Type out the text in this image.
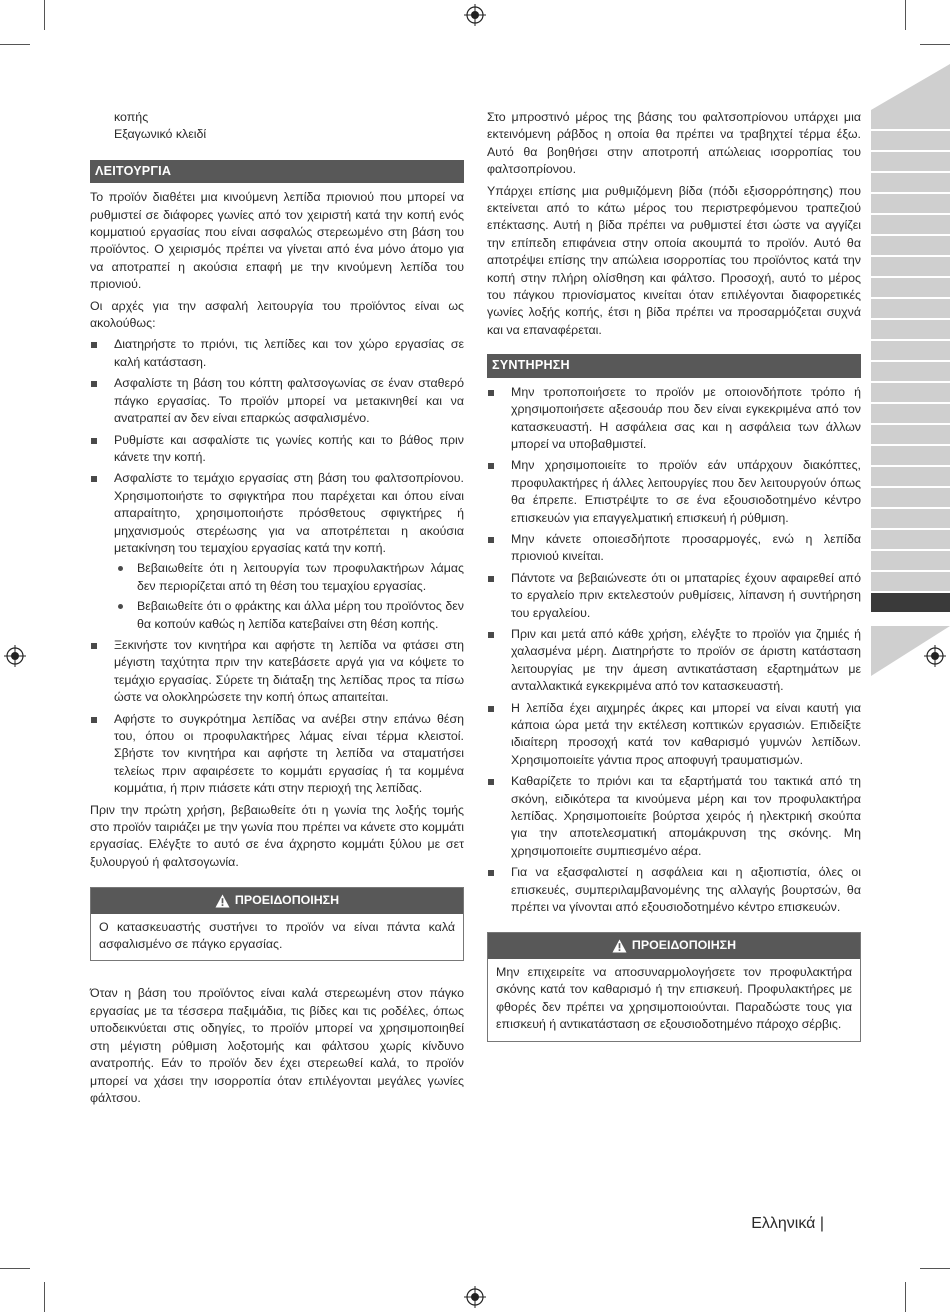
κοπής

Εξαγωνικό κλειδί

ΛΕΙΤΟΥΡΓΙΑ

Το προϊόν διαθέτει μια κινούμενη λεπίδα πριονιού που μπορεί να ρυθμιστεί σε διάφορες γωνίες από τον χειριστή κατά την κοπή ενός κομματιού εργασίας που είναι ασφαλώς στερεωμένο στη βάση του προϊόντος. Ο χειρισμός πρέπει να γίνεται από ένα μόνο άτομο για να αποτραπεί η ακούσια επαφή με την κινούμενη λεπίδα του πριονιού.

Οι αρχές για την ασφαλή λειτουργία του προϊόντος είναι ως ακολούθως:

Διατηρήστε το πριόνι, τις λεπίδες και τον χώρο εργασίας σε καλή κατάσταση.
Ασφαλίστε τη βάση του κόπτη φαλτσογωνίας σε έναν σταθερό πάγκο εργασίας. Το προϊόν μπορεί να μετακινηθεί και να ανατραπεί αν δεν είναι επαρκώς ασφαλισμένο.
Ρυθμίστε και ασφαλίστε τις γωνίες κοπής και το βάθος πριν κάνετε την κοπή.
Ασφαλίστε το τεμάχιο εργασίας στη βάση του φαλτσοπρίονου. Χρησιμοποιήστε το σφιγκτήρα που παρέχεται και όπου είναι απαραίτητο, χρησιμοποιήστε πρόσθετους σφιγκτήρες ή μηχανισμούς στερέωσης για να αποτρέπεται η ακούσια μετακίνηση του τεμαχίου εργασίας κατά την κοπή.
Βεβαιωθείτε ότι η λειτουργία των προφυλακτήρων λάμας δεν περιορίζεται από τη θέση του τεμαχίου εργασίας.
Βεβαιωθείτε ότι ο φράκτης και άλλα μέρη του προϊόντος δεν θα κοπούν καθώς η λεπίδα κατεβαίνει στη θέση κοπής.
Ξεκινήστε τον κινητήρα και αφήστε τη λεπίδα να φτάσει στη μέγιστη ταχύτητα πριν την κατεβάσετε αργά για να κόψετε το τεμάχιο εργασίας. Σύρετε τη διάταξη της λεπίδας προς τα πίσω ώστε να ολοκληρώσετε την κοπή όπως απαιτείται.
Αφήστε το συγκρότημα λεπίδας να ανέβει στην επάνω θέση του, όπου οι προφυλακτήρες λάμας είναι τέρμα κλειστοί. Σβήστε τον κινητήρα και αφήστε τη λεπίδα να σταματήσει τελείως πριν αφαιρέσετε το κομμάτι εργασίας ή τα κομμένα κομμάτια, ή πριν πιάσετε κάτι στην περιοχή της λεπίδας.

Πριν την πρώτη χρήση, βεβαιωθείτε ότι η γωνία της λοξής τομής στο προϊόν ταιριάζει με την γωνία που πρέπει να κάνετε στο κομμάτι εργασίας. Ελέγξτε το αυτό σε ένα άχρηστο κομμάτι ξύλου με σετ ξυλουργού ή φαλτσογωνία.

ΠΡΟΕΙΔΟΠΟΙΗΣΗ
Ο κατασκευαστής συστήνει το προϊόν να είναι πάντα καλά ασφαλισμένο σε πάγκο εργασίας.

Όταν η βάση του προϊόντος είναι καλά στερεωμένη στον πάγκο εργασίας με τα τέσσερα παξιμάδια, τις βίδες και τις ροδέλες, όπως υποδεικνύεται στις οδηγίες, το προϊόν μπορεί να χρησιμοποιηθεί στη μέγιστη ρύθμιση λοξοτομής και φάλτσου χωρίς κίνδυνο ανατροπής. Εάν το προϊόν δεν έχει στερεωθεί καλά, το προϊόν μπορεί να χάσει την ισορροπία όταν επιλέγονται μεγάλες γωνίες φάλτσου.

Στο μπροστινό μέρος της βάσης του φαλτσοπρίονου υπάρχει μια εκτεινόμενη ράβδος η οποία θα πρέπει να τραβηχτεί τέρμα έξω. Αυτό θα βοηθήσει στην αποτροπή απώλειας ισορροπίας του φαλτσοπρίονου.

Υπάρχει επίσης μια ρυθμιζόμενη βίδα (πόδι εξισορρόπησης) που εκτείνεται από το κάτω μέρος του περιστρεφόμενου τραπεζιού επέκτασης. Αυτή η βίδα πρέπει να ρυθμιστεί έτσι ώστε να αγγίζει την επίπεδη επιφάνεια στην οποία ακουμπά το προϊόν. Αυτό θα αποτρέψει επίσης την απώλεια ισορροπίας του προϊόντος κατά την κοπή στην πλήρη ολίσθηση και φάλτσο. Προσοχή, αυτό το μέρος του πάγκου πριονίσματος κινείται όταν επιλέγονται διαφορετικές γωνίες λοξής κοπής, έτσι η βίδα πρέπει να προσαρμόζεται συχνά και να επαναφέρεται.

ΣΥΝΤΗΡΗΣΗ
Μην τροποποιήσετε το προϊόν με οποιονδήποτε τρόπο ή χρησιμοποιήσετε αξεσουάρ που δεν είναι εγκεκριμένα από τον κατασκευαστή. Η ασφάλεια σας και η ασφάλεια των άλλων μπορεί να υποβαθμιστεί.
Μην χρησιμοποιείτε το προϊόν εάν υπάρχουν διακόπτες, προφυλακτήρες ή άλλες λειτουργίες που δεν λειτουργούν όπως θα έπρεπε. Επιστρέψτε το σε ένα εξουσιοδοτημένο κέντρο επισκευών για επαγγελματική επισκευή ή ρύθμιση.
Μην κάνετε οποιεσδήποτε προσαρμογές, ενώ η λεπίδα πριονιού κινείται.
Πάντοτε να βεβαιώνεστε ότι οι μπαταρίες έχουν αφαιρεθεί από το εργαλείο πριν εκτελεστούν ρυθμίσεις, λίπανση ή συντήρηση του εργαλείου.
Πριν και μετά από κάθε χρήση, ελέγξτε το προϊόν για ζημιές ή χαλασμένα μέρη. Διατηρήστε το προϊόν σε άριστη κατάσταση λειτουργίας με την άμεση αντικατάσταση εξαρτημάτων με ανταλλακτικά εγκεκριμένα από τον κατασκευαστή.
Η λεπίδα έχει αιχμηρές άκρες και μπορεί να είναι καυτή για κάποια ώρα μετά την εκτέλεση κοπτικών εργασιών. Επιδείξτε ιδιαίτερη προσοχή κατά τον καθαρισμό γυμνών λεπίδων. Χρησιμοποιείτε γάντια προς αποφυγή τραυματισμών.
Καθαρίζετε το πριόνι και τα εξαρτήματά του τακτικά από τη σκόνη, ειδικότερα τα κινούμενα μέρη και τον προφυλακτήρα λεπίδας. Χρησιμοποιείτε βούρτσα χειρός ή ηλεκτρική σκούπα για την αποτελεσματική απομάκρυνση της σκόνης. Μη χρησιμοποιείτε συμπιεσμένο αέρα.
Για να εξασφαλιστεί η ασφάλεια και η αξιοπιστία, όλες οι επισκευές, συμπεριλαμβανομένης της αλλαγής βουρτσών, θα πρέπει να γίνονται από εξουσιοδοτημένο κέντρο επισκευών.
ΠΡΟΕΙΔΟΠΟΙΗΣΗ
Μην επιχειρείτε να αποσυναρμολογήσετε τον προφυλακτήρα σκόνης κατά τον καθαρισμό ή την επισκευή. Προφυλακτήρες με φθορές δεν πρέπει να χρησιμοποιούνται. Παραδώστε τους για επισκευή ή αντικατάσταση σε εξουσιοδοτημένο πάροχο σέρβις.
Ελληνικά |
